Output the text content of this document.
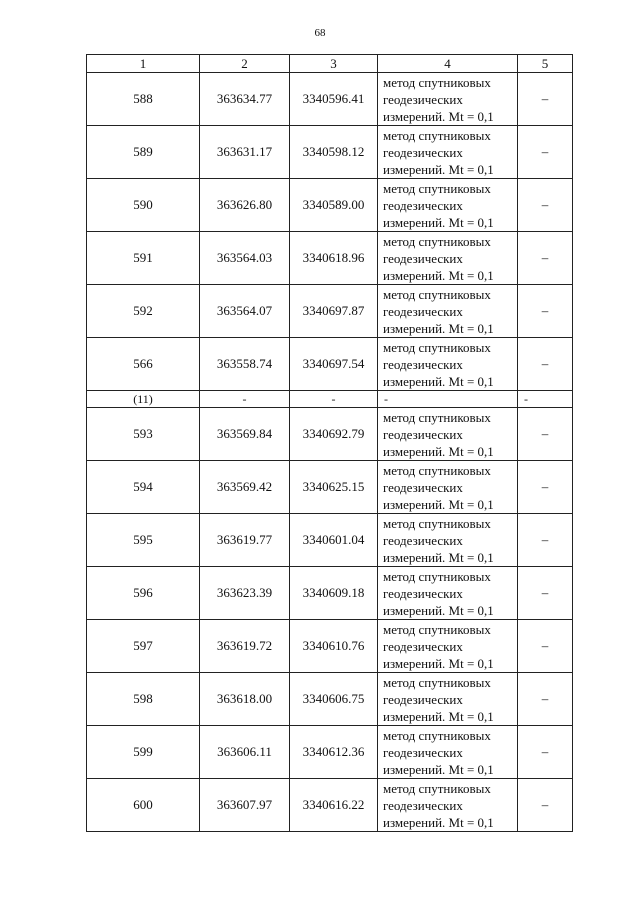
68
1	2	3	4	5
588	363634.77	3340596.41	метод спутниковых геодезических измерений. Mt = 0,1	–
589	363631.17	3340598.12	метод спутниковых геодезических измерений. Mt = 0,1	–
590	363626.80	3340589.00	метод спутниковых геодезических измерений. Mt = 0,1	–
591	363564.03	3340618.96	метод спутниковых геодезических измерений. Mt = 0,1	–
592	363564.07	3340697.87	метод спутниковых геодезических измерений. Mt = 0,1	–
566	363558.74	3340697.54	метод спутниковых геодезических измерений. Mt = 0,1	–
(11)	-	-	-	-
593	363569.84	3340692.79	метод спутниковых геодезических измерений. Mt = 0,1	–
594	363569.42	3340625.15	метод спутниковых геодезических измерений. Mt = 0,1	–
595	363619.77	3340601.04	метод спутниковых геодезических измерений. Mt = 0,1	–
596	363623.39	3340609.18	метод спутниковых геодезических измерений. Mt = 0,1	–
597	363619.72	3340610.76	метод спутниковых геодезических измерений. Mt = 0,1	–
598	363618.00	3340606.75	метод спутниковых геодезических измерений. Mt = 0,1	–
599	363606.11	3340612.36	метод спутниковых геодезических измерений. Mt = 0,1	–
600	363607.97	3340616.22	метод спутниковых геодезических измерений. Mt = 0,1	–
